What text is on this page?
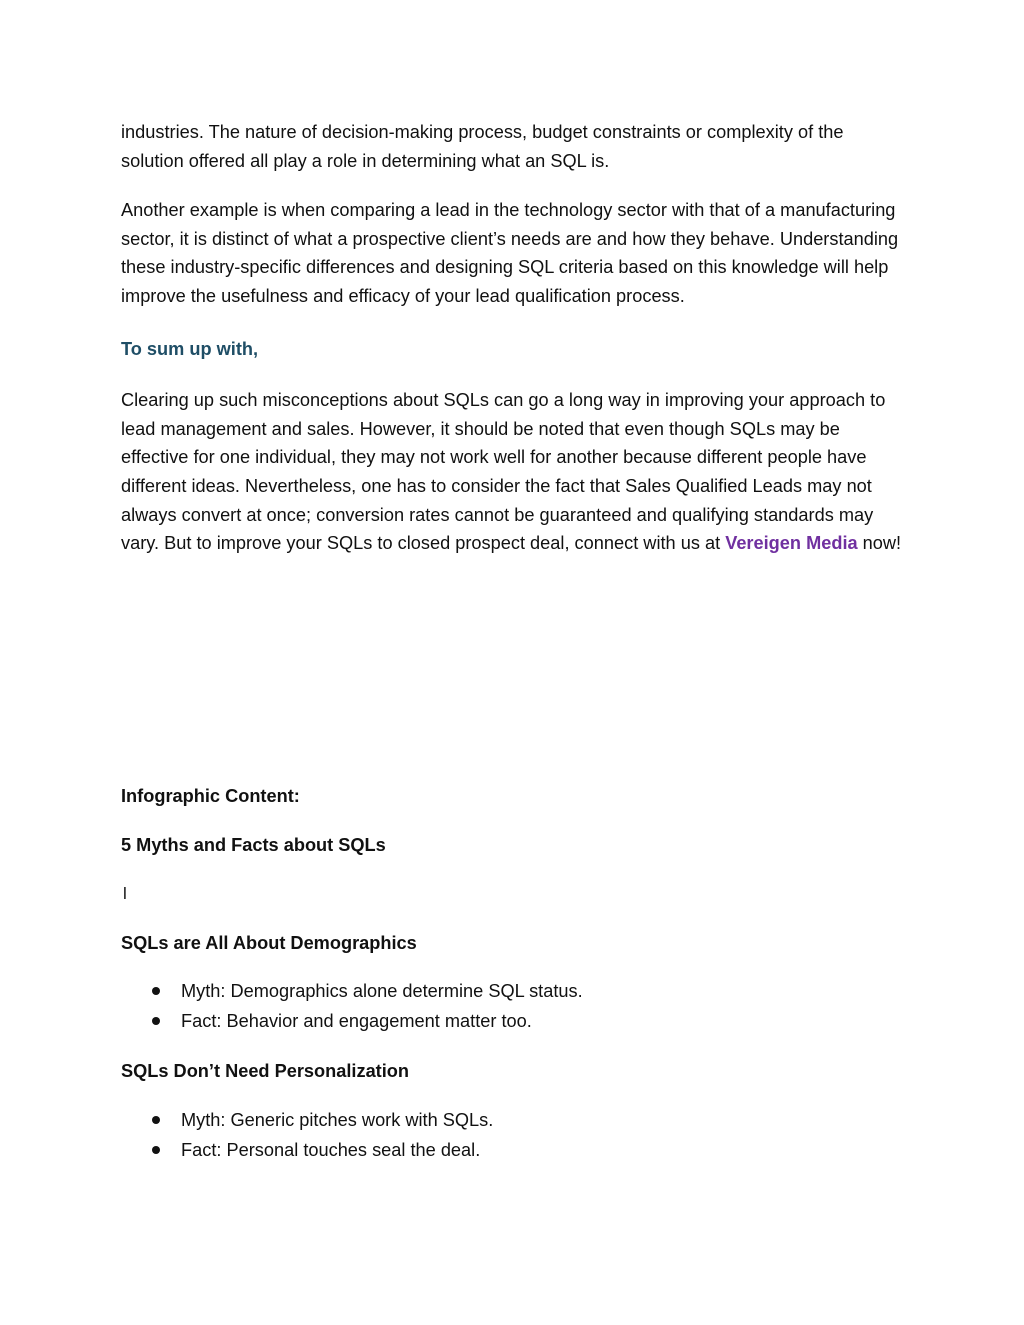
industries. The nature of decision-making process, budget constraints or complexity of the solution offered all play a role in determining what an SQL is.

Another example is when comparing a lead in the technology sector with that of a manufacturing sector, it is distinct of what a prospective client’s needs are and how they behave. Understanding these industry-specific differences and designing SQL criteria based on this knowledge will help improve the usefulness and efficacy of your lead qualification process.

To sum up with,

Clearing up such misconceptions about SQLs can go a long way in improving your approach to lead management and sales. However, it should be noted that even though SQLs may be effective for one individual, they may not work well for another because different people have different ideas. Nevertheless, one has to consider the fact that Sales Qualified Leads may not always convert at once; conversion rates cannot be guaranteed and qualifying standards may vary. But to improve your SQLs to closed prospect deal, connect with us at Vereigen Media now!

Infographic Content:

5 Myths and Facts about SQLs

l

SQLs are All About Demographics

Myth: Demographics alone determine SQL status.
Fact: Behavior and engagement matter too.

SQLs Don’t Need Personalization

Myth: Generic pitches work with SQLs.
Fact: Personal touches seal the deal.
